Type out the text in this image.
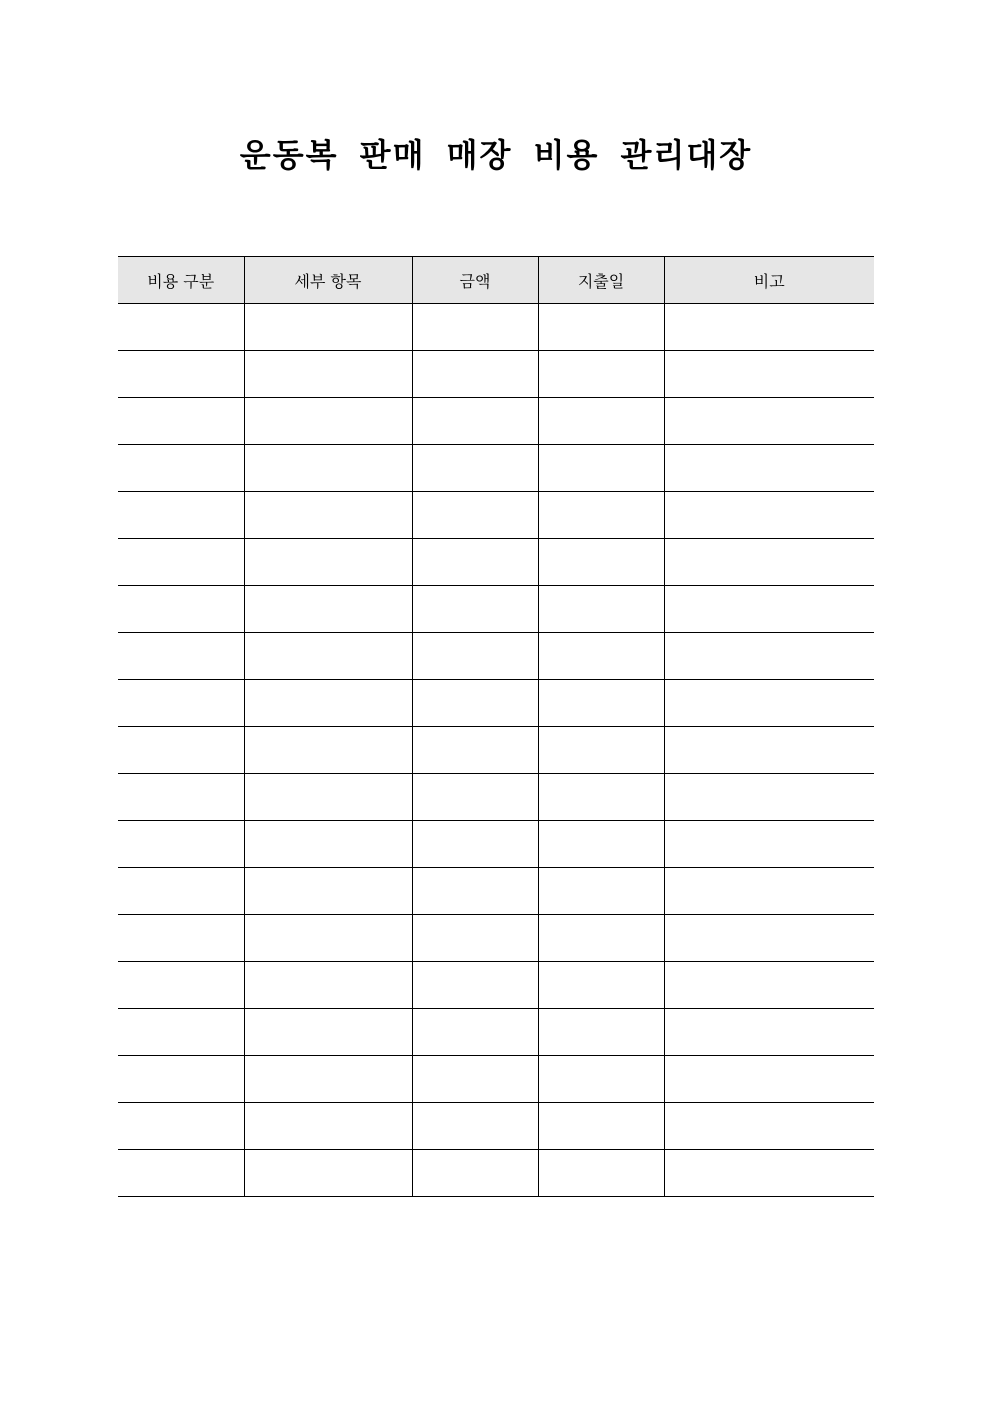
운동복 판매 매장 비용 관리대장
비용 구분	세부 항목	금액	지출일	비고
